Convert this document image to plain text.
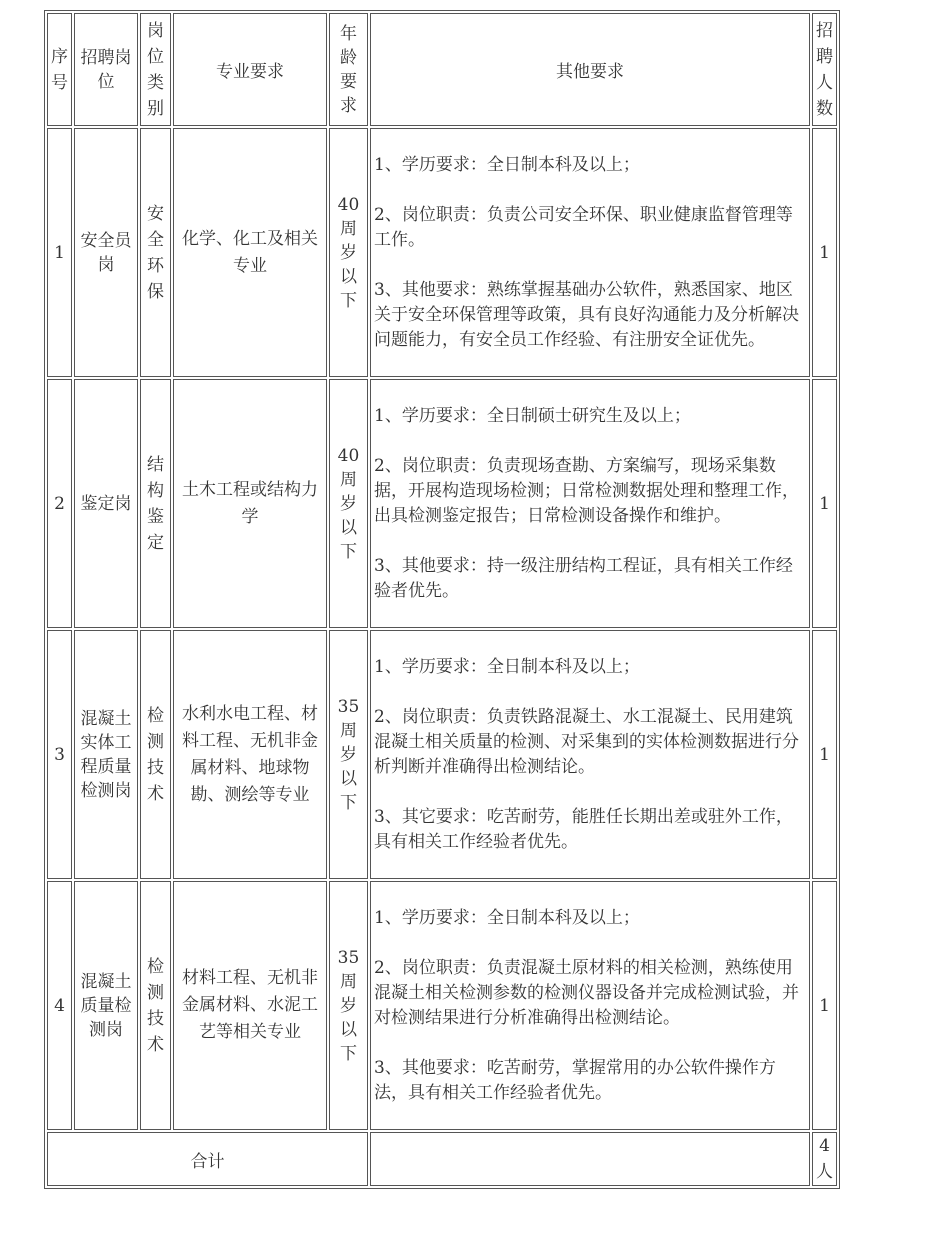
序号	招聘岗位	岗位类别	专业要求	年龄要求	其他要求	招聘人数
1	安全员岗	安全环保	化学、化工及相关专业	40周岁以下	1、学历要求：全日制本科及以上；

2、岗位职责：负责公司安全环保、职业健康监督管理等工作。

3、其他要求：熟练掌握基础办公软件，熟悉国家、地区关于安全环保管理等政策，具有良好沟通能力及分析解决问题能力，有安全员工作经验、有注册安全证优先。	1
2	鉴定岗	结构鉴定	土木工程或结构力学	40周岁以下	1、学历要求：全日制硕士研究生及以上；

2、岗位职责：负责现场查勘、方案编写，现场采集数据，开展构造现场检测；日常检测数据处理和整理工作，出具检测鉴定报告；日常检测设备操作和维护。

3、其他要求：持一级注册结构工程证，具有相关工作经验者优先。	1
3	混凝土实体工程质量检测岗	检测技术	水利水电工程、材料工程、无机非金属材料、地球物勘、测绘等专业	35周岁以下	1、学历要求：全日制本科及以上；

2、岗位职责：负责铁路混凝土、水工混凝土、民用建筑混凝土相关质量的检测、对采集到的实体检测数据进行分析判断并准确得出检测结论。

3、其它要求：吃苦耐劳，能胜任长期出差或驻外工作，具有相关工作经验者优先。	1
4	混凝土质量检测岗	检测技术	材料工程、无机非金属材料、水泥工艺等相关专业	35周岁以下	1、学历要求：全日制本科及以上；

2、岗位职责：负责混凝土原材料的相关检测，熟练使用混凝土相关检测参数的检测仪器设备并完成检测试验，并对检测结果进行分析准确得出检测结论。

3、其他要求：吃苦耐劳，掌握常用的办公软件操作方法，具有相关工作经验者优先。	1
合计						4人
